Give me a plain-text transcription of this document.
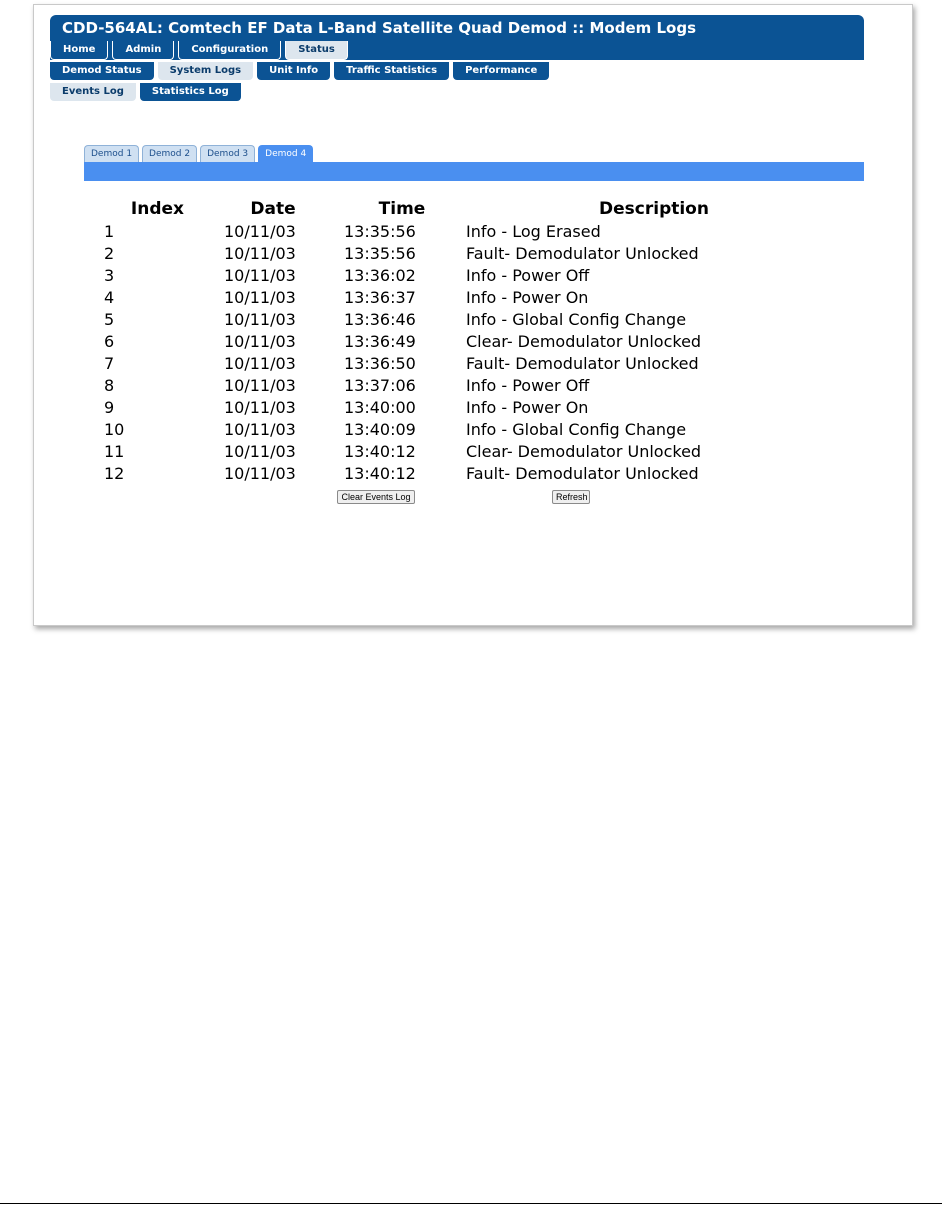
CDD-564AL: Comtech EF Data L-Band Satellite Quad Demod :: Modem Logs
Home	Admin	Configuration	Status
Demod Status	System Logs	Unit Info	Traffic Statistics	Performance
Events Log	Statistics Log
Demod 1	Demod 2	Demod 3	Demod 4
Index	Date	Time	Description
1	10/11/03	13:35:56	Info - Log Erased
2	10/11/03	13:35:56	Fault- Demodulator Unlocked
3	10/11/03	13:36:02	Info - Power Off
4	10/11/03	13:36:37	Info - Power On
5	10/11/03	13:36:46	Info - Global Config Change
6	10/11/03	13:36:49	Clear- Demodulator Unlocked
7	10/11/03	13:36:50	Fault- Demodulator Unlocked
8	10/11/03	13:37:06	Info - Power Off
9	10/11/03	13:40:00	Info - Power On
10	10/11/03	13:40:09	Info - Global Config Change
11	10/11/03	13:40:12	Clear- Demodulator Unlocked
12	10/11/03	13:40:12	Fault- Demodulator Unlocked
Clear Events Log	Refresh
